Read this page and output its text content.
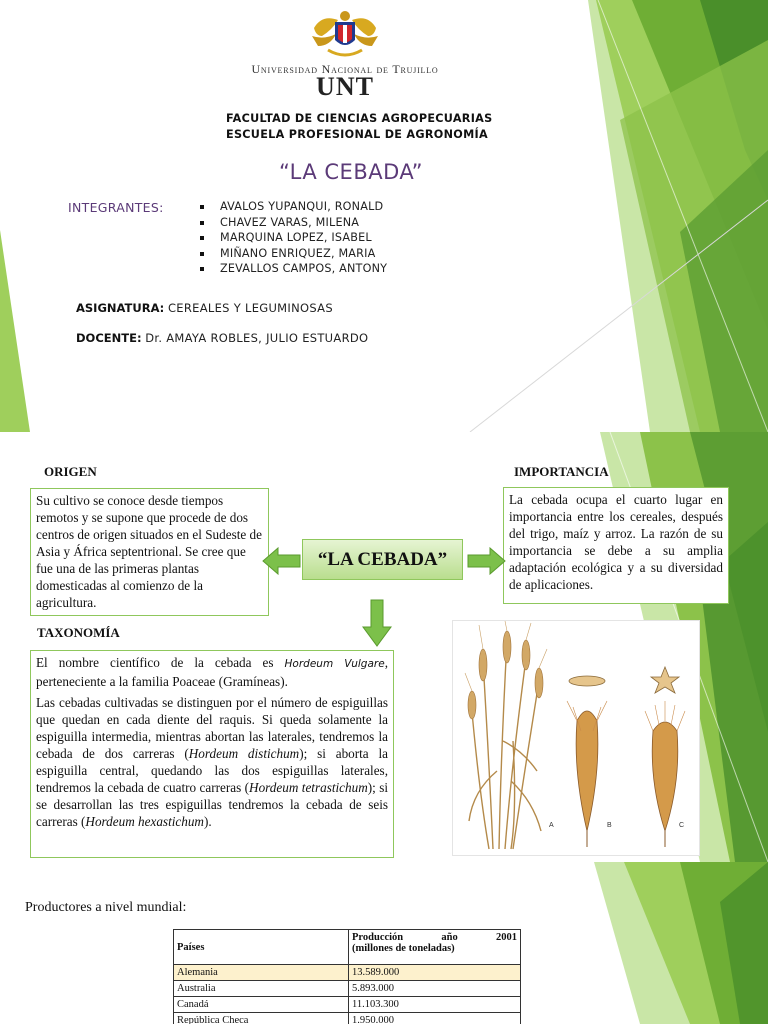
Universidad Nacional de Trujillo
UNT
FACULTAD DE CIENCIAS AGROPECUARIAS
ESCUELA PROFESIONAL DE AGRONOMÍA
“LA CEBADA”
INTEGRANTES:	AVALOS YUPANQUI, RONALD
CHAVEZ VARAS, MILENA
MARQUINA LOPEZ, ISABEL
MIÑANO ENRIQUEZ, MARIA
ZEVALLOS CAMPOS, ANTONY
ASIGNATURA: CEREALES Y LEGUMINOSAS
DOCENTE: Dr. AMAYA ROBLES, JULIO ESTUARDO
ORIGEN
Su cultivo se conoce desde tiempos remotos y se supone que procede de dos centros de origen situados en el Sudeste de Asia y África septentrional. Se cree que fue una de las primeras plantas domesticadas al comienzo de la agricultura.
IMPORTANCIA
La cebada ocupa el cuarto lugar en importancia entre los cereales, después del trigo, maíz y arroz. La razón de su importancia se debe a su amplia adaptación ecológica y a su diversidad de aplicaciones.
“LA CEBADA”
TAXONOMÍA

El nombre científico de la cebada es Hordeum Vulgare, perteneciente a la familia Poaceae (Gramíneas).

Las cebadas cultivadas se distinguen por el número de espiguillas que quedan en cada diente del raquis. Si queda solamente la espiguilla intermedia, mientras abortan las laterales, tendremos la cebada de dos carreras (Hordeum distichum); si aborta la espiguilla central, quedando las dos espiguillas laterales, tendremos la cebada de cuatro carreras (Hordeum tetrastichum); si se desarrollan las tres espiguillas tendremos la cebada de seis carreras (Hordeum hexastichum).	A	B	C
Productores a nivel mundial:
Países	Producción año 2001
(millones de toneladas)

Alemania	13.589.000
Australia	5.893.000
Canadá	11.103.300
República Checa	1.950.000
